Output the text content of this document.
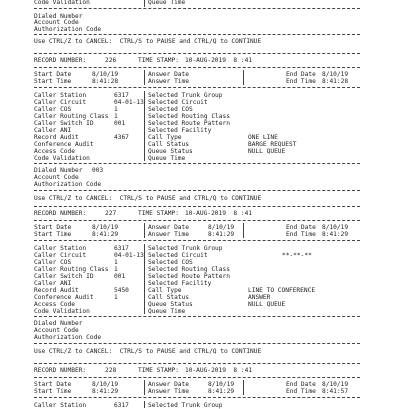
Code Validation	Queue Time
Dialed Number
Account Code
Authorization Code
Use CTRL/Z to CANCEL:  CTRL/S to PAUSE and CTRL/Q to CONTINUE
RECORD NUMBER:	226	TIME STAMP: 10-AUG-2019  8 :41
Start Date	8/10/19	Answer Date	End Date 8/10/19
Start Time	8:41:28	Answer Time	End Time 8:41:28
Caller Station	6317	Selected Trunk Group
Caller Circuit	04-01-13 Selected Circuit
Caller COS	1	Selected COS
Caller Routing Class 1	Selected Routing Class
Caller Switch ID	001	Selected Route Pattern
Caller ANI	Selected Facility
Record Audit	4367	Call Type	ONE LINE
Conference Audit	Call Status	BARGE REQUEST
Access Code	Queue Status	NULL QUEUE
Code Validation	Queue Time
Dialed Number 003
Account Code
Authorization Code
Use CTRL/Z to CANCEL:  CTRL/S to PAUSE and CTRL/Q to CONTINUE
RECORD NUMBER:	227	TIME STAMP: 10-AUG-2019  8 :41
Start Date	8/10/19	Answer Date	8/10/19	End Date 8/10/19
Start Time	8:41:29	Answer Time	8:41:29	End Time 8:41:29
Caller Station	6317	Selected Trunk Group
Caller Circuit	04-01-13 Selected Circuit	**-**-**
Caller COS	1	Selected COS
Caller Routing Class 1	Selected Routing Class
Caller Switch ID	001	Selected Route Pattern
Caller ANI	Selected Facility
Record Audit	5450	Call Type	LINE TO CONFERENCE
Conference Audit	1	Call Status	ANSWER
Access Code	Queue Status	NULL QUEUE
Code Validation	Queue Time
Dialed Number
Account Code
Authorization Code
Use CTRL/Z to CANCEL:  CTRL/S to PAUSE and CTRL/Q to CONTINUE
RECORD NUMBER:	228	TIME STAMP: 10-AUG-2019  8 :41
Start Date	8/10/19	Answer Date	8/10/19	End Date 8/10/19
Start Time	8:41:29	Answer Time	8:41:29	End Time 8:41:57
Caller Station	6317	Selected Trunk Group
